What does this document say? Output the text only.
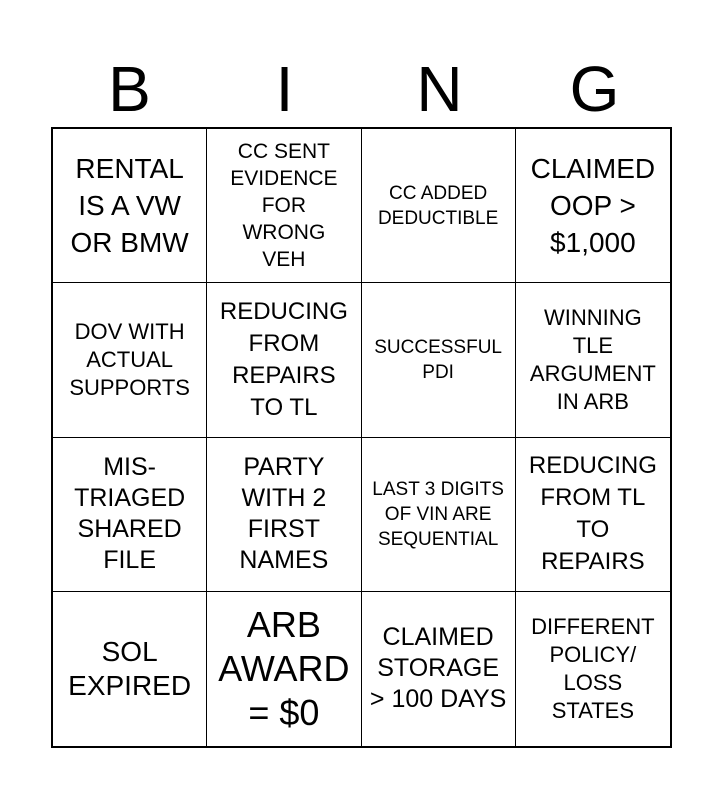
B	I	N	G
RENTAL IS A VW OR BMW
CC SENT EVIDENCE FOR WRONG VEH
CC ADDED DEDUCTIBLE
CLAIMED OOP > $1,000
DOV WITH ACTUAL SUPPORTS
REDUCING FROM REPAIRS TO TL
SUCCESSFUL PDI
WINNING TLE ARGUMENT IN ARB
MIS-TRIAGED SHARED FILE
PARTY WITH 2 FIRST NAMES
LAST 3 DIGITS OF VIN ARE SEQUENTIAL
REDUCING FROM TL TO REPAIRS
SOL EXPIRED
ARB AWARD = $0
CLAIMED STORAGE > 100 DAYS
DIFFERENT POLICY/ LOSS STATES
